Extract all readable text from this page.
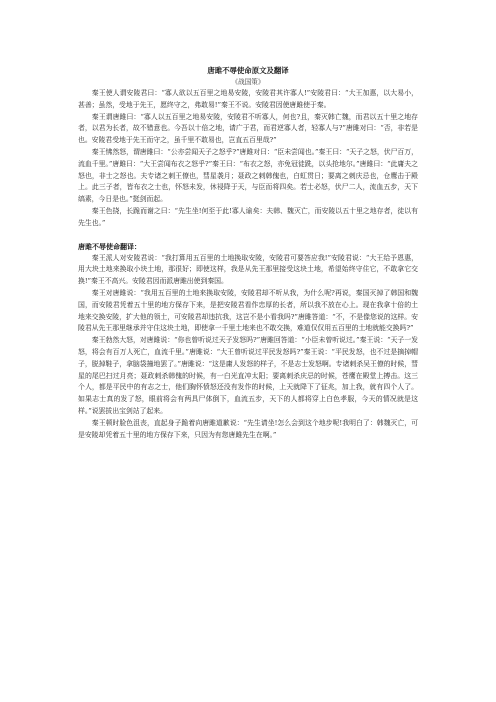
唐雎不辱使命原文及翻译
《战国策》

秦王使人谓安陵君曰：“寡人欲以五百里之地易安陵，安陵君其许寡人!”安陵君曰：“大王加惠，以大易小，甚善；虽然，受地于先王，愿终守之，弗敢易!”秦王不说。安陵君因使唐雎使于秦。

秦王谓唐雎曰：“寡人以五百里之地易安陵，安陵君不听寡人，何也?且，秦灭韩亡魏，而君以五十里之地存者，以君为长者，故不错意也。今吾以十倍之地，请广于君，而君逆寡人者，轻寡人与?”唐雎对曰：“否，非若是也。安陵君受地于先王而守之，虽千里不敢易也，岂直五百里哉?”

秦王怫然怒，谓唐雎曰：“公亦尝闻天子之怒乎?”唐雎对曰：“臣未尝闻也。”秦王曰：“天子之怒，伏尸百万，流血千里。”唐雎曰：“大王尝闻布衣之怒乎?”秦王曰：“布衣之怒，亦免冠徒跣，以头抢地尔。”唐雎曰：“此庸夫之怒也，非士之怒也。夫专诸之刺王僚也，彗星袭月；聂政之刺韩傀也，白虹贯日；要离之刺庆忌也，仓鹰击于殿上。此三子者，皆布衣之士也，怀怒未发，休祲降于天，与臣而将四矣。若士必怒，伏尸二人，流血五步，天下缟素，今日是也。”挺剑而起。

秦王色挠，长跪而谢之曰：“先生坐!何至于此!寡人谕矣：夫韩、魏灭亡，而安陵以五十里之地存者，徒以有先生也。”

唐雎不辱使命翻译：

秦王派人对安陵君说：“我打算用五百里的土地换取安陵，安陵君可要答应我!”安陵君说：“大王给予恩惠，用大块土地来换取小块土地，那很好；即使这样，我是从先王那里接受这块土地，希望始终守住它，不敢拿它交换!”秦王不高兴。安陵君因而派唐雎出使到秦国。

秦王对唐雎说：“我用五百里的土地来换取安陵，安陵君却不听从我，为什么呢?再说，秦国灭掉了韩国和魏国，而安陵君凭着五十里的地方保存下来，是把安陵君看作忠厚的长者，所以我不放在心上。现在我拿十倍的土地来交换安陵，扩大他的领土，可安陵君却违抗我，这岂不是小看我吗?”唐雎答道：“不，不是像您说的这样。安陵君从先王那里继承并守住这块土地，即使拿一千里土地来也不敢交换，难道仅仅用五百里的土地就能交换吗?”

秦王勃然大怒，对唐雎说：“你也曾听说过天子发怒吗?”唐雎回答道：“小臣未曾听说过。”秦王说：“天子一发怒，将会有百万人死亡，血流千里。”唐雎说：“大王曾听说过平民发怒吗?”秦王说：“平民发怒，也不过是摘掉帽子，脱掉鞋子，拿脑袋撞地罢了。”唐雎说：“这是庸人发怒的样子，不是志士发怒啊。专诸刺杀吴王僚的时候，彗星的尾巴扫过月亮；聂政刺杀韩傀的时候，有一白光直冲太阳；要离刺杀庆忌的时候，苍鹰在殿堂上搏击。这三个人，都是平民中的有志之士，他们胸怀愤怒还没有发作的时候，上天就降下了征兆，加上我，就有四个人了。如果志士真的发了怒，眼前将会有两具尸体倒下，血流五步，天下的人都将穿上白色孝服，今天的情况就是这样。”说罢拔出宝剑站了起来。

秦王顿时脸色沮丧，直起身子跪着向唐雎道歉说：“先生请坐!怎么会到这个地步呢!我明白了：韩魏灭亡，可是安陵却凭着五十里的地方保存下来，只因为有您唐雎先生在啊。”
